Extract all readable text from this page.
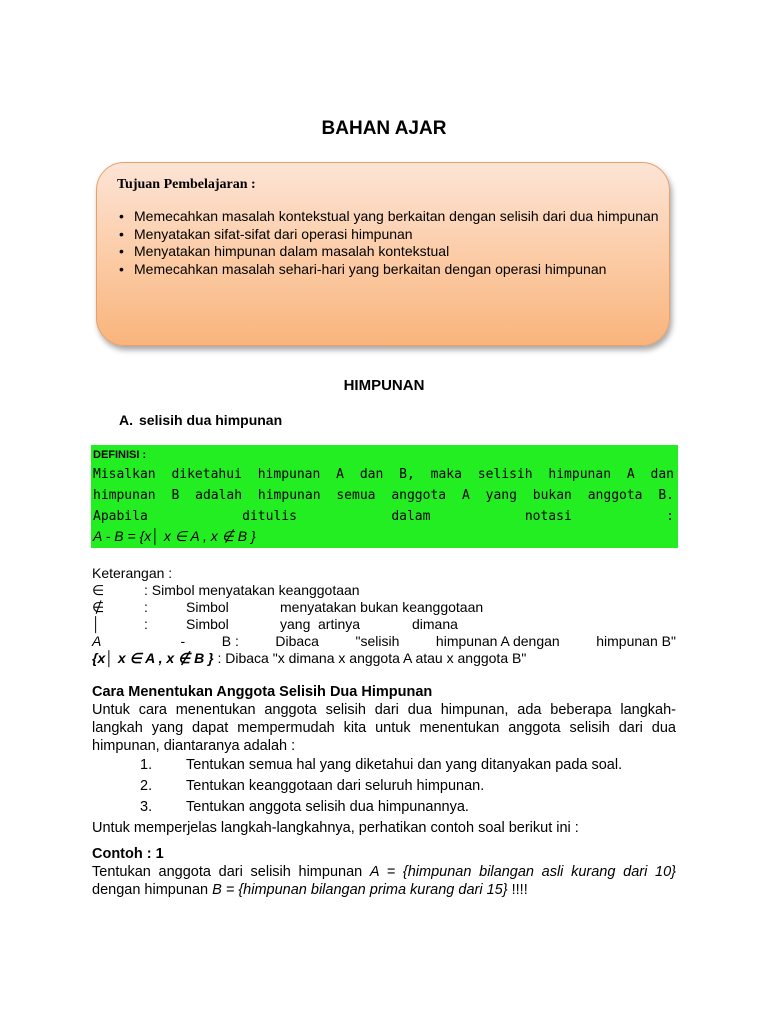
BAHAN AJAR
Tujuan Pembelajaran :
• Memecahkan masalah kontekstual yang berkaitan dengan selisih dari dua himpunan
• Menyatakan sifat-sifat dari operasi himpunan
• Menyatakan himpunan dalam masalah kontekstual
• Memecahkan masalah sehari-hari yang berkaitan dengan operasi himpunan
HIMPUNAN
A. selisih dua himpunan
DEFINISI :
Misalkan diketahui himpunan A dan B, maka selisih himpunan A dan
himpunan B adalah himpunan semua anggota A yang bukan anggota B.
Apabila	ditulis	dalam	notasi	:
A - B = {x│ x ∈ A , x ∉ B }
Keterangan :
∈	: Simbol menyatakan keanggotaan
∉	:	Simbol	menyatakan bukan keanggotaan
│	:	Simbol	yang artinya	dimana
A	-	B :	Dibaca	"selisih	himpunan A dengan	himpunan B"
{x│ x ∈ A , x ∉ B } : Dibaca "x dimana x anggota A atau x anggota B"
Cara Menentukan Anggota Selisih Dua Himpunan
Untuk cara menentukan anggota selisih dari dua himpunan, ada beberapa langkah-langkah yang dapat mempermudah kita untuk menentukan anggota selisih dari dua himpunan, diantaranya adalah :
1.	Tentukan semua hal yang diketahui dan yang ditanyakan pada soal.
2.	Tentukan keanggotaan dari seluruh himpunan.
3.	Tentukan anggota selisih dua himpunannya.
Untuk memperjelas langkah-langkahnya, perhatikan contoh soal berikut ini :
Contoh : 1
Tentukan anggota dari selisih himpunan A = {himpunan bilangan asli kurang dari 10} dengan himpunan B = {himpunan bilangan prima kurang dari 15} !!!!
